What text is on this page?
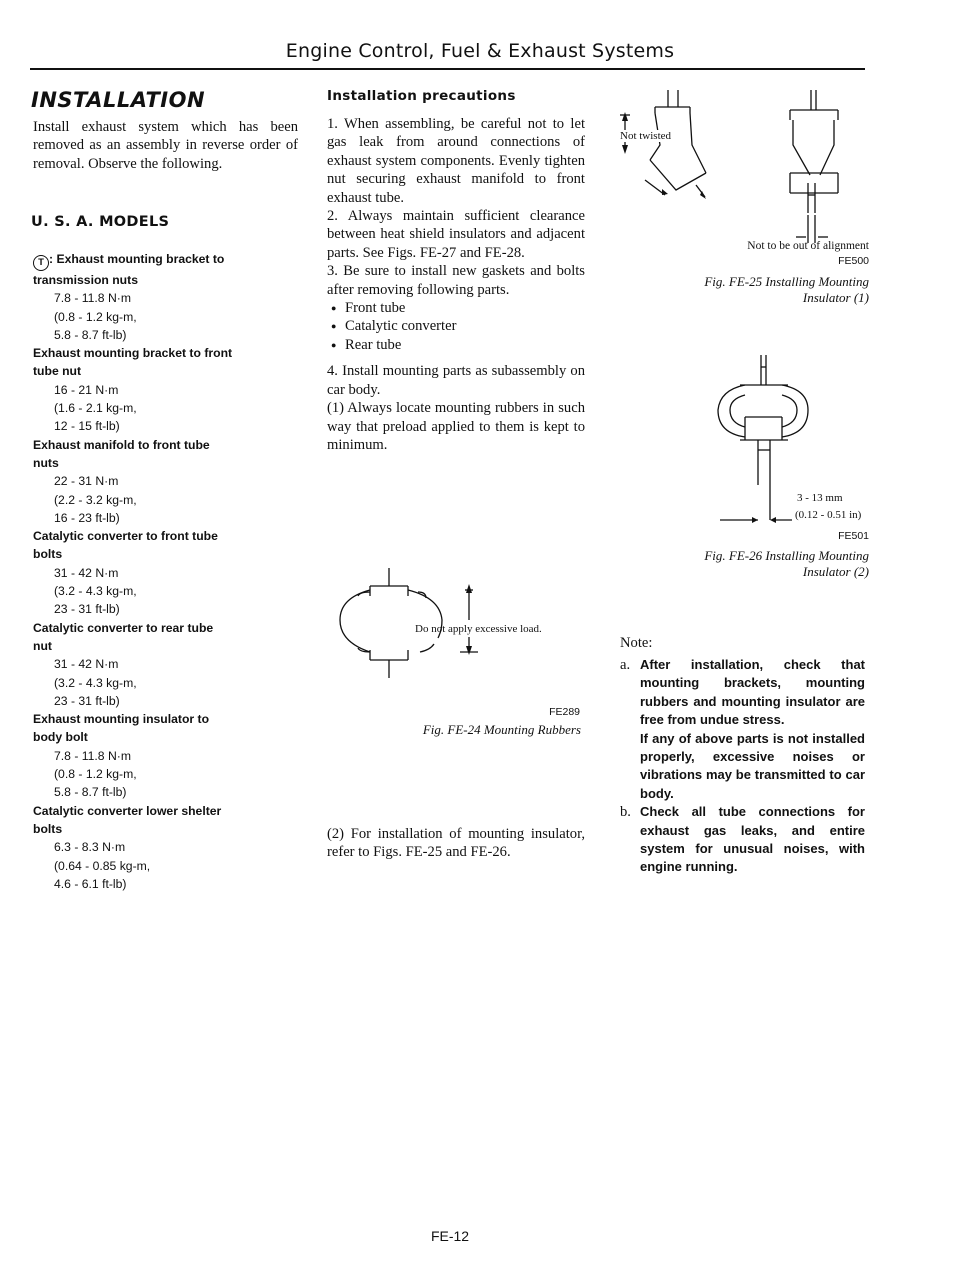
Engine Control, Fuel & Exhaust Systems
INSTALLATION
Install exhaust system which has been removed as an assembly in reverse order of removal. Observe the following.
U. S. A. MODELS
T : Exhaust mounting bracket to transmission nuts
7.8 - 11.8 N·m
(0.8 - 1.2 kg-m,
5.8 - 8.7 ft-lb)
Exhaust mounting bracket to front tube nut
16 - 21 N·m
(1.6 - 2.1 kg-m,
12 - 15 ft-lb)
Exhaust manifold to front tube nuts
22 - 31 N·m
(2.2 - 3.2 kg-m,
16 - 23 ft-lb)
Catalytic converter to front tube bolts
31 - 42 N·m
(3.2 - 4.3 kg-m,
23 - 31 ft-lb)
Catalytic converter to rear tube nut
31 - 42 N·m
(3.2 - 4.3 kg-m,
23 - 31 ft-lb)
Exhaust mounting insulator to body bolt
7.8 - 11.8 N·m
(0.8 - 1.2 kg-m,
5.8 - 8.7 ft-lb)
Catalytic converter lower shelter bolts
6.3 - 8.3 N·m
(0.64 - 0.85 kg-m,
4.6 - 6.1 ft-lb)
Installation precautions

1. When assembling, be careful not to let gas leak from around connections of exhaust system components. Evenly tighten nut securing exhaust manifold to front exhaust tube.

2. Always maintain sufficient clearance between heat shield insulators and adjacent parts. See Figs. FE-27 and FE-28.

3. Be sure to install new gaskets and bolts after removing following parts.

● Front tube
● Catalytic converter
● Rear tube

4. Install mounting parts as subassembly on car body.

(1) Always locate mounting rubbers in such way that preload applied to them is kept to minimum.

Do not apply excessive load.
FE289
Fig. FE-24 Mounting Rubbers
(2) For installation of mounting insulator, refer to Figs. FE-25 and FE-26.
Not twisted
Not to be out of alignment
FE500
Fig. FE-25 Installing Mounting
Insulator (1)
3 - 13 mm
(0.12 - 0.51 in)
FE501
Fig. FE-26 Installing Mounting
Insulator (2)
Note:
a. After installation, check that mounting brackets, mounting rubbers and mounting insulator are free from undue stress.
If any of above parts is not installed properly, excessive noises or vibrations may be transmitted to car body.
b. Check all tube connections for exhaust gas leaks, and entire system for unusual noises, with engine running.
FE-12
